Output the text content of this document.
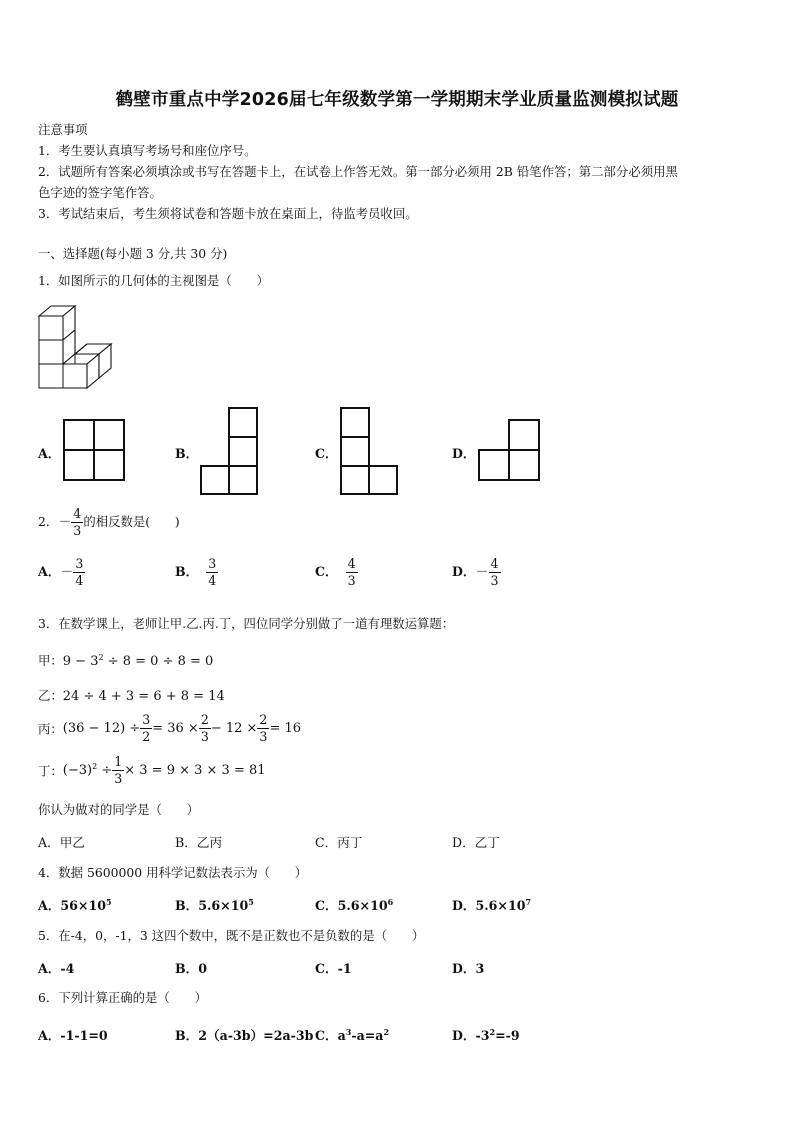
鹤壁市重点中学2026届七年级数学第一学期期末学业质量监测模拟试题
注意事项
1．考生要认真填写考场号和座位序号。
2．试题所有答案必须填涂或书写在答题卡上，在试卷上作答无效。第一部分必须用 2B 铅笔作答；第二部分必须用黑
色字迹的签字笔作答。
3．考试结束后，考生须将试卷和答题卡放在桌面上，待监考员收回。
一、选择题(每小题 3 分,共 30 分)
1．如图所示的几何体的主视图是（　　）
A．	B．	C．	D．
2．－ $\frac{4}{3}$ 的相反数是(　　)
A．－ $\frac{3}{4}$	B． $\frac{3}{4}$	C． $\frac{4}{3}$	D．－ $\frac{4}{3}$
3．在数学课上，老师让甲.乙.丙.丁，四位同学分别做了一道有理数运算题：
甲：$9 - 3^2 \div 8 = 0 \div 8 = 0$
乙：24 ÷ 4 + 3 = 6 + 8 = 14
丙：$(36 - 12) \div \frac{3}{2} = 36 \times \frac{2}{3} - 12 \times \frac{2}{3} = 16$
丁：$(-3)^2 \div \frac{1}{3} \times 3 = 9 \times 3 \times 3 = 81$
你认为做对的同学是（　　）
A．甲乙	B．乙丙	C．丙丁	D．乙丁
4．数据 5600000 用科学记数法表示为（　　）
A．$56\times 10^5$	B．$5.6\times 10^5$	C．$5.6\times 10^6$	D．$5.6\times 10^7$
5．在-4，0，-1，3 这四个数中，既不是正数也不是负数的是（　　）
A．-4	B．0	C．-1	D．3
6．下列计算正确的是（　　）
A．-1-1=0	B．2（a-3b）=2a-3b C．$a^3-a=a^2$	D．$-3^2=-9$
